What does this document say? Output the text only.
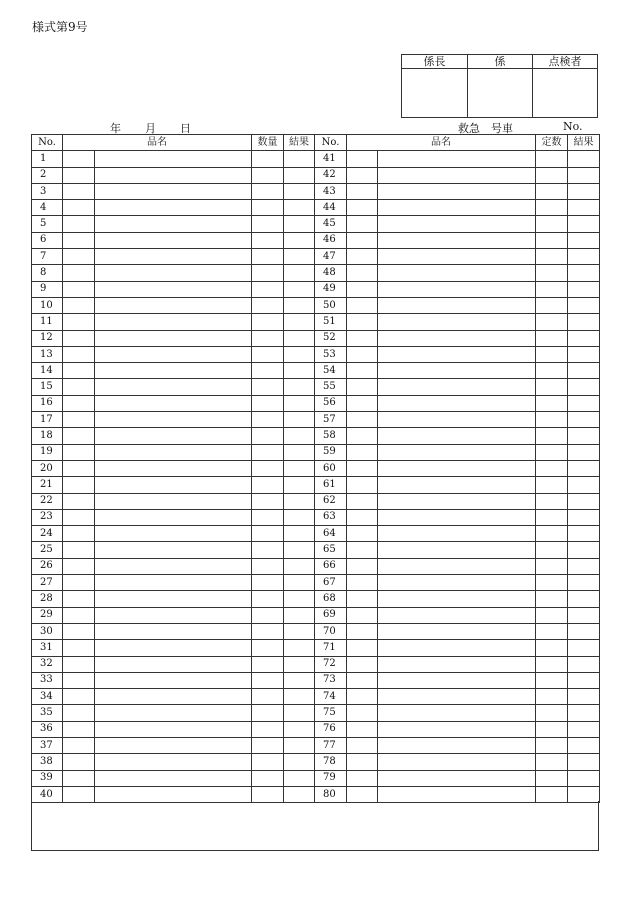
様式第9号
係長	係	点検者
年 月 日	救急　号車	No.
No.	品名		数量	結果	No.	品名		定数	結果
1					41				
2					42				
3					43				
4					44				
5					45				
6					46				
7					47				
8					48				
9					49				
10					50				
11					51				
12					52				
13					53				
14					54				
15					55				
16					56				
17					57				
18					58				
19					59				
20					60				
21					61				
22					62				
23					63				
24					64				
25					65				
26					66				
27					67				
28					68				
29					69				
30					70				
31					71				
32					72				
33					73				
34					74				
35					75				
36					76				
37					77				
38					78				
39					79				
40					80				
